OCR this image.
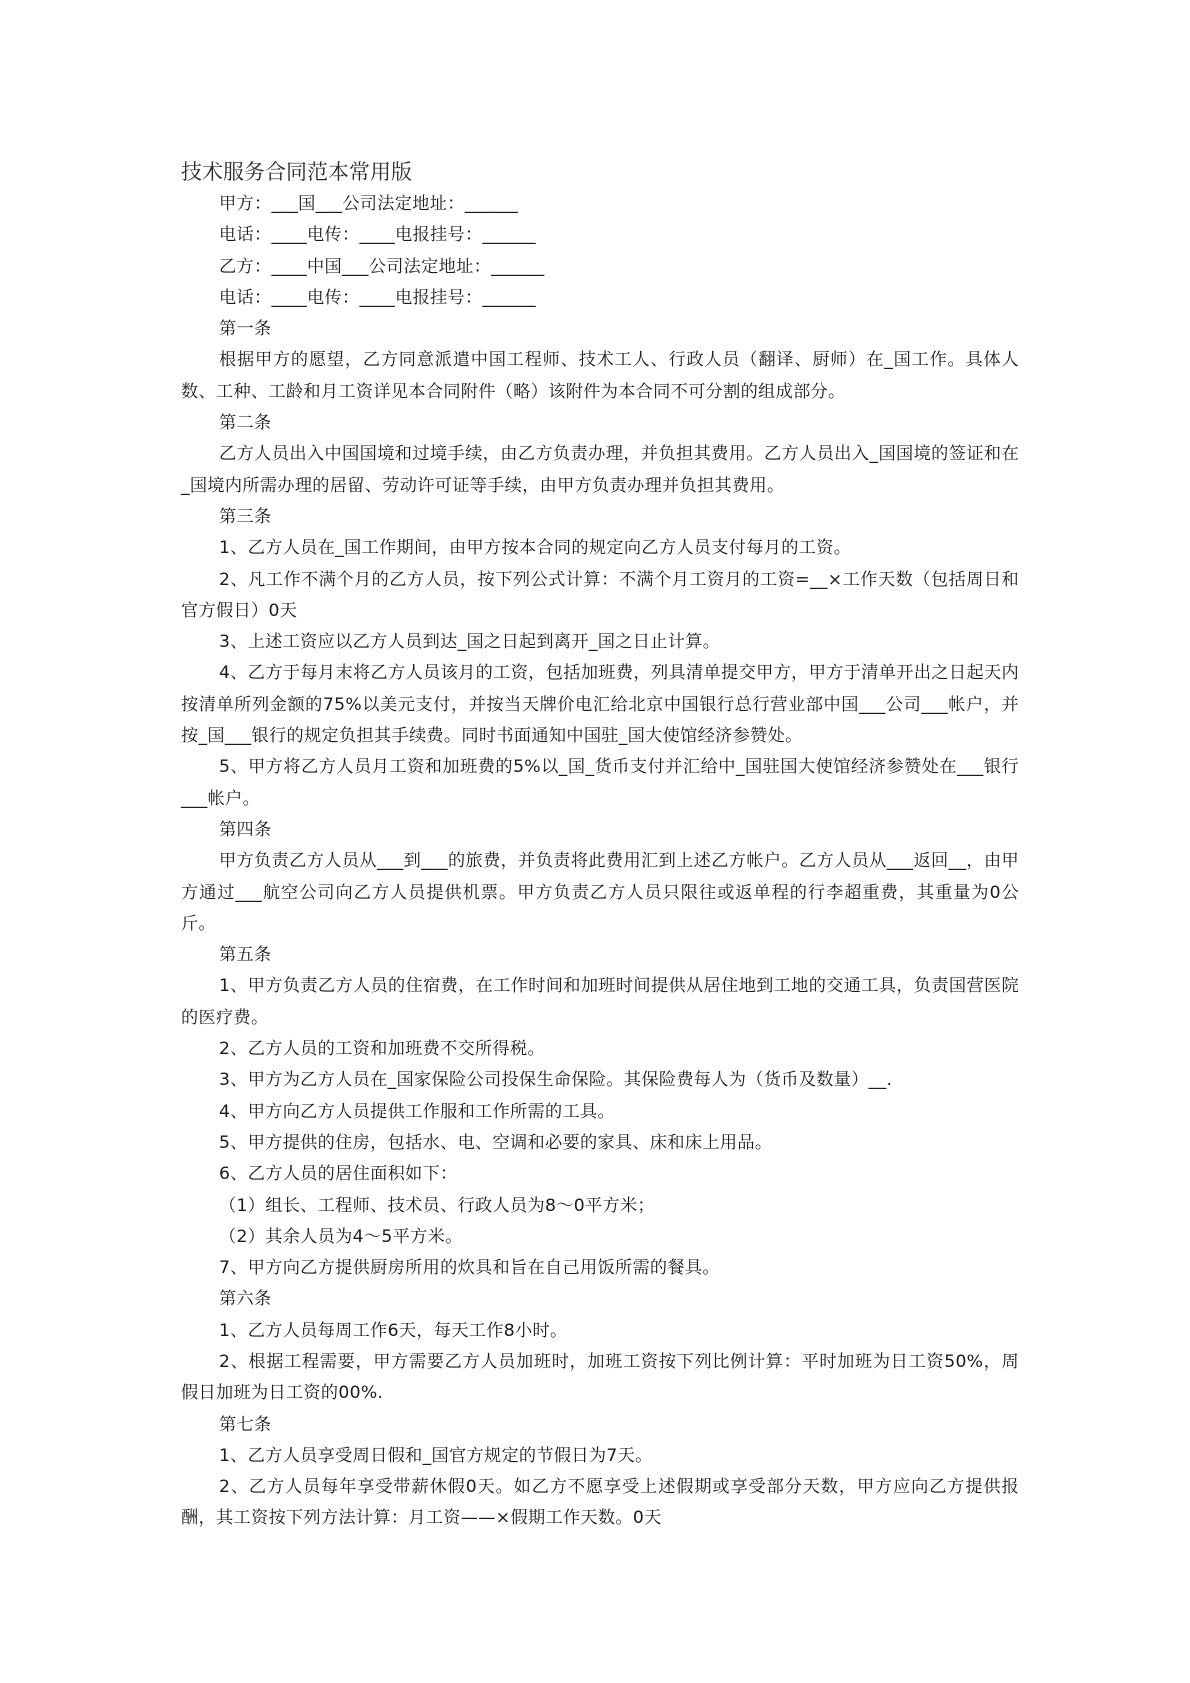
技术服务合同范本常用版

甲方：___国___公司法定地址：______

电话：____电传：____电报挂号：______

乙方：____中国___公司法定地址：______

电话：____电传：____电报挂号：______

第一条

根据甲方的愿望，乙方同意派遣中国工程师、技术工人、行政人员（翻译、厨师）在_国工作。具体人数、工种、工龄和月工资详见本合同附件（略）该附件为本合同不可分割的组成部分。

第二条

乙方人员出入中国国境和过境手续，由乙方负责办理，并负担其费用。乙方人员出入_国国境的签证和在_国境内所需办理的居留、劳动许可证等手续，由甲方负责办理并负担其费用。

第三条

1、乙方人员在_国工作期间，由甲方按本合同的规定向乙方人员支付每月的工资。

2、凡工作不满个月的乙方人员，按下列公式计算：不满个月工资月的工资=__×工作天数（包括周日和官方假日）0天

3、上述工资应以乙方人员到达_国之日起到离开_国之日止计算。

4、乙方于每月末将乙方人员该月的工资，包括加班费，列具清单提交甲方，甲方于清单开出之日起天内按清单所列金额的75%以美元支付，并按当天牌价电汇给北京中国银行总行营业部中国___公司___帐户，并按_国___银行的规定负担其手续费。同时书面通知中国驻_国大使馆经济参赞处。

5、甲方将乙方人员月工资和加班费的5%以_国_货币支付并汇给中_国驻国大使馆经济参赞处在___银行___帐户。

第四条

甲方负责乙方人员从___到___的旅费，并负责将此费用汇到上述乙方帐户。乙方人员从___返回__，由甲方通过___航空公司向乙方人员提供机票。甲方负责乙方人员只限往或返单程的行李超重费，其重量为0公斤。

第五条

1、甲方负责乙方人员的住宿费，在工作时间和加班时间提供从居住地到工地的交通工具，负责国营医院的医疗费。

2、乙方人员的工资和加班费不交所得税。

3、甲方为乙方人员在_国家保险公司投保生命保险。其保险费每人为（货币及数量）__.

4、甲方向乙方人员提供工作服和工作所需的工具。

5、甲方提供的住房，包括水、电、空调和必要的家具、床和床上用品。

6、乙方人员的居住面积如下：

（1）组长、工程师、技术员、行政人员为8～0平方米；

（2）其余人员为4～5平方米。

7、甲方向乙方提供厨房所用的炊具和旨在自己用饭所需的餐具。

第六条

1、乙方人员每周工作6天，每天工作8小时。

2、根据工程需要，甲方需要乙方人员加班时，加班工资按下列比例计算：平时加班为日工资50%，周假日加班为日工资的00%.

第七条

1、乙方人员享受周日假和_国官方规定的节假日为7天。

2、乙方人员每年享受带薪休假0天。如乙方不愿享受上述假期或享受部分天数，甲方应向乙方提供报酬，其工资按下列方法计算：月工资——×假期工作天数。0天
